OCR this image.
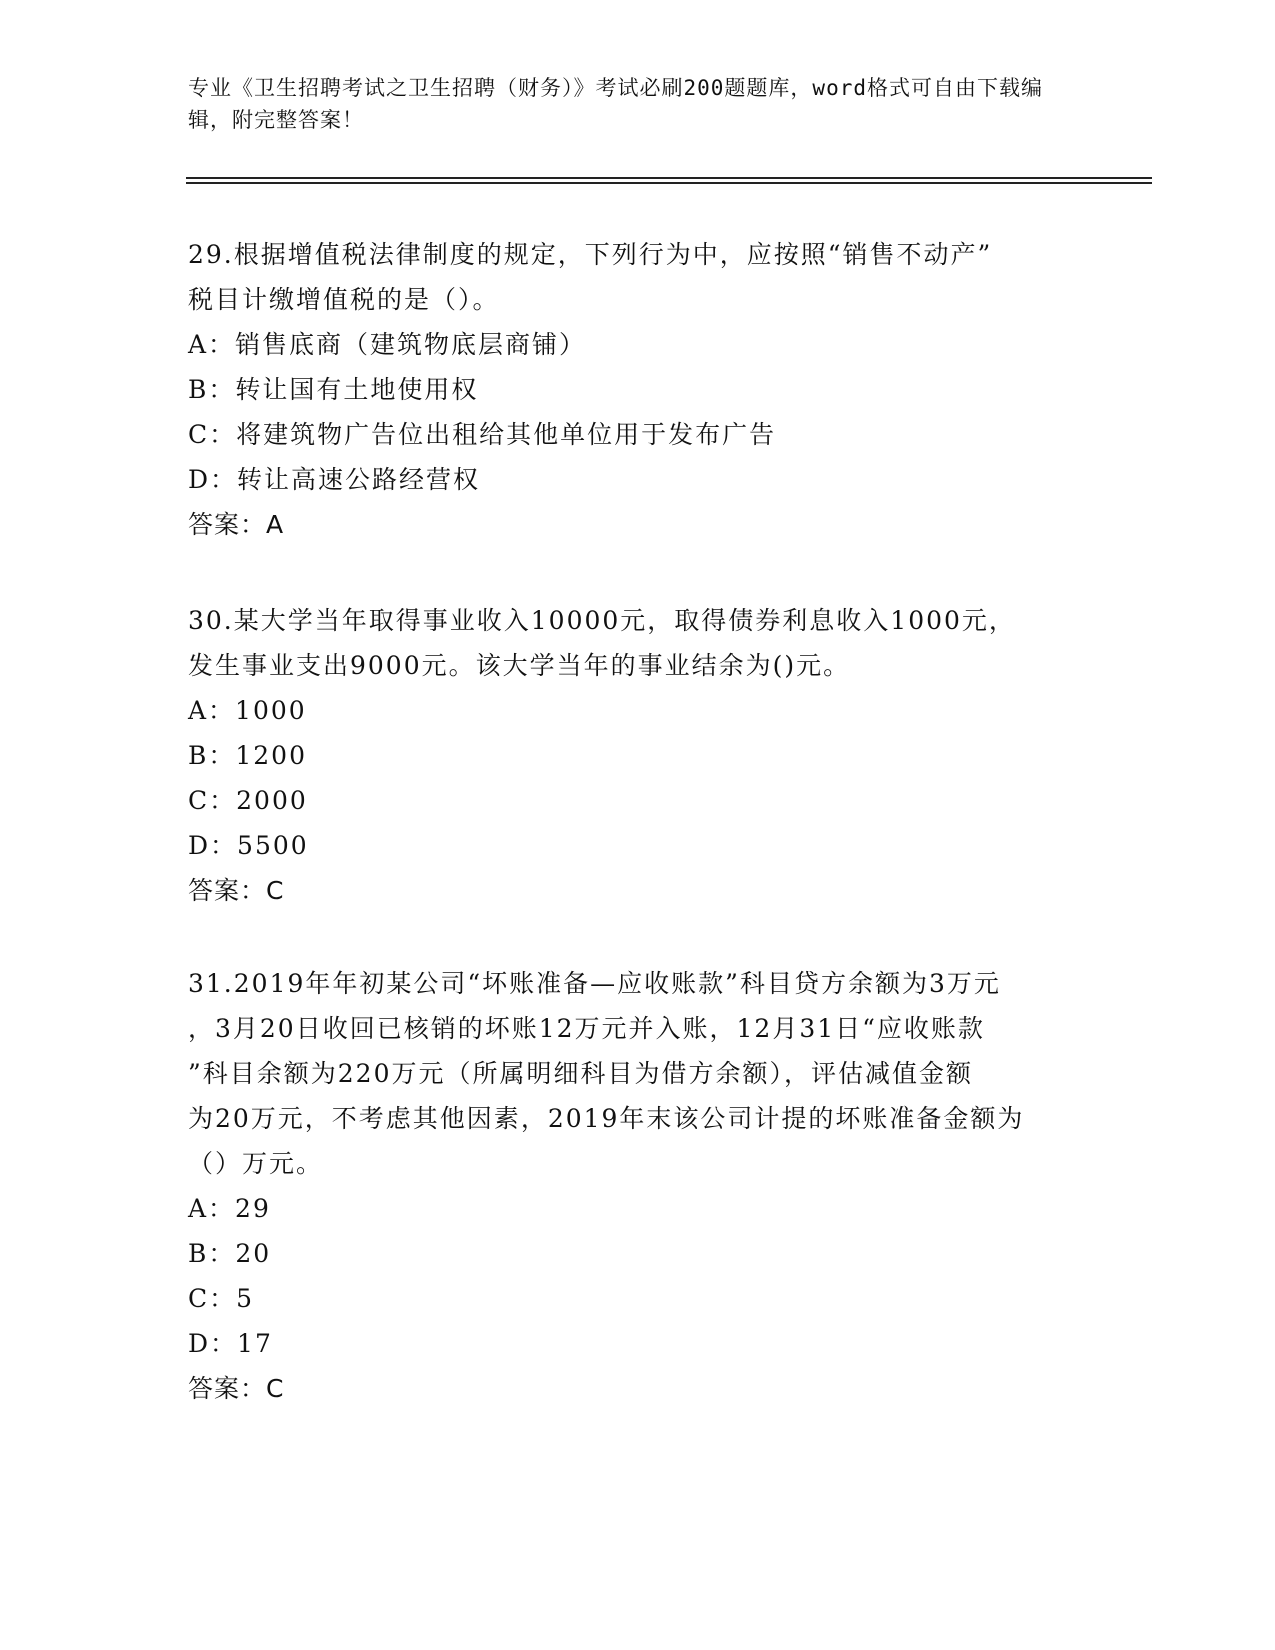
专业《卫生招聘考试之卫生招聘（财务）》考试必刷200题题库，word格式可自由下载编辑，附完整答案！
29.根据增值税法律制度的规定，下列行为中，应按照“销售不动产”
税目计缴增值税的是（）。
A：销售底商（建筑物底层商铺）
B：转让国有土地使用权
C：将建筑物广告位出租给其他单位用于发布广告
D：转让高速公路经营权
答案：A
30.某大学当年取得事业收入10000元，取得债券利息收入1000元，
发生事业支出9000元。该大学当年的事业结余为()元。
A：1000
B：1200
C：2000
D：5500
答案：C
31.2019年年初某公司“坏账准备—应收账款”科目贷方余额为3万元
，3月20日收回已核销的坏账12万元并入账，12月31日“应收账款
”科目余额为220万元（所属明细科目为借方余额），评估减值金额
为20万元，不考虑其他因素，2019年末该公司计提的坏账准备金额为
（）万元。
A：29
B：20
C：5
D：17
答案：C
